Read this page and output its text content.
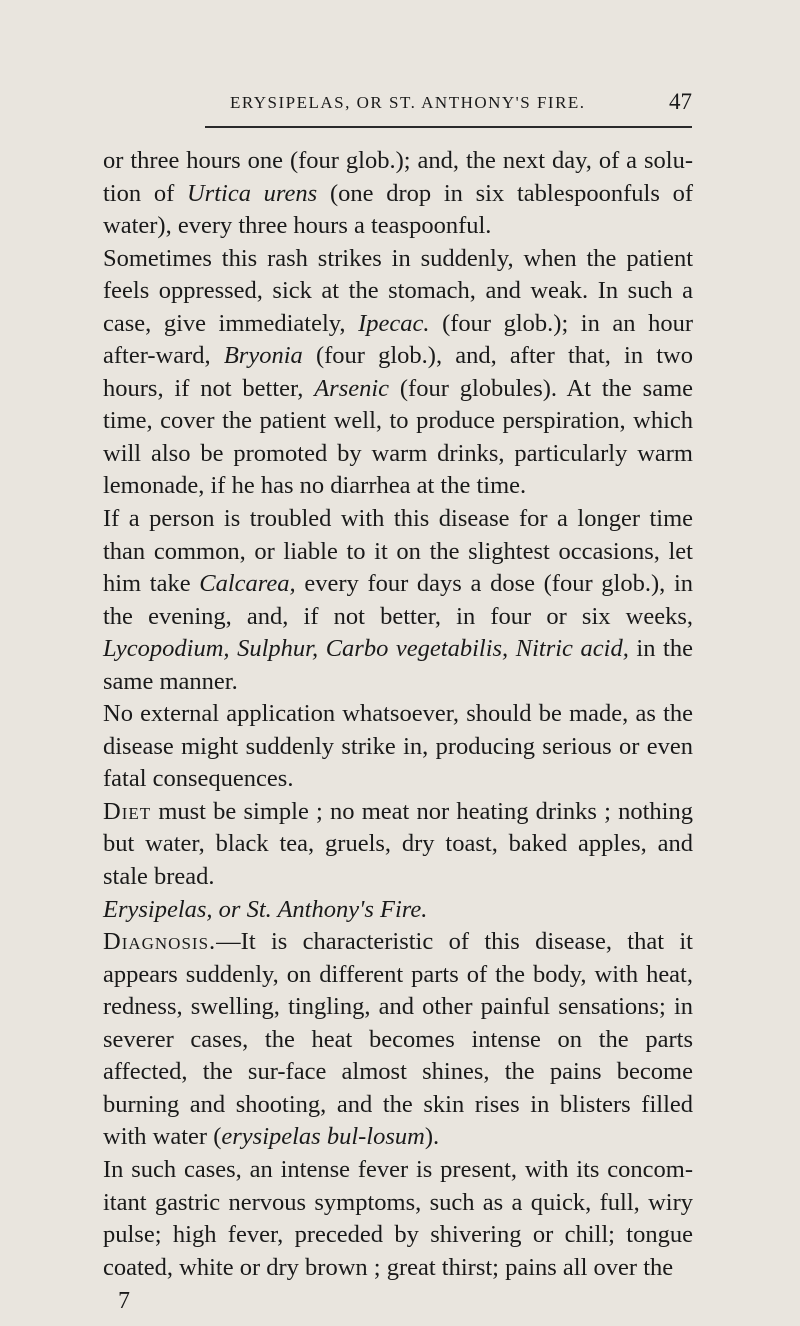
ERYSIPELAS, OR ST. ANTHONY'S FIRE.	47

or three hours one (four glob.); and, the next day, of a solu-tion of Urtica urens (one drop in six tablespoonfuls of water), every three hours a teaspoonful.

Sometimes this rash strikes in suddenly, when the patient feels oppressed, sick at the stomach, and weak. In such a case, give immediately, Ipecac. (four glob.); in an hour after-ward, Bryonia (four glob.), and, after that, in two hours, if not better, Arsenic (four globules). At the same time, cover the patient well, to produce perspiration, which will also be promoted by warm drinks, particularly warm lemonade, if he has no diarrhea at the time.

If a person is troubled with this disease for a longer time than common, or liable to it on the slightest occasions, let him take Calcarea, every four days a dose (four glob.), in the evening, and, if not better, in four or six weeks, Lycopodium, Sulphur, Carbo vegetabilis, Nitric acid, in the same manner.

No external application whatsoever, should be made, as the disease might suddenly strike in, producing serious or even fatal consequences.

Diet must be simple ; no meat nor heating drinks ; nothing but water, black tea, gruels, dry toast, baked apples, and stale bread.

Erysipelas, or St. Anthony's Fire.

Diagnosis.—It is characteristic of this disease, that it appears suddenly, on different parts of the body, with heat, redness, swelling, tingling, and other painful sensations; in severer cases, the heat becomes intense on the parts affected, the sur-face almost shines, the pains become burning and shooting, and the skin rises in blisters filled with water (erysipelas bul-losum).

In such cases, an intense fever is present, with its concom-itant gastric nervous symptoms, such as a quick, full, wiry pulse; high fever, preceded by shivering or chill; tongue coated, white or dry brown ; great thirst; pains all over the

7
